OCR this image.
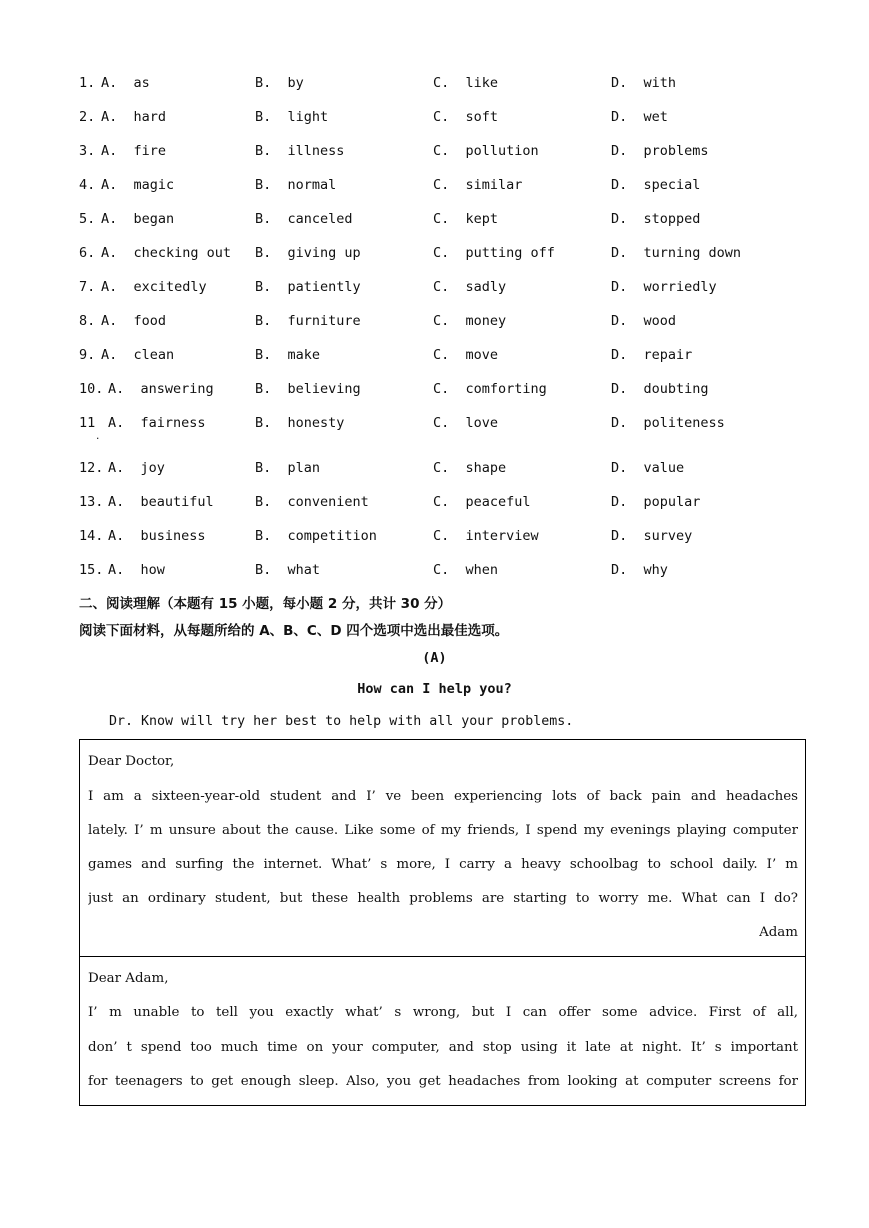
1. A.  as	B.  by	C.  like	D.  with
2. A.  hard	B.  light	C.  soft	D.  wet
3. A.  fire	B.  illness	C.  pollution	D.  problems
4. A.  magic	B.  normal	C.  similar	D.  special
5. A.  began	B.  canceled	C.  kept	D.  stopped
6. A.  checking out B.  giving up	C.  putting off	D.  turning down
7. A.  excitedly	B.  patiently	C.  sadly	D.  worriedly
8. A.  food	B.  furniture	C.  money	D.  wood
9. A.  clean	B.  make	C.  move	D.  repair
10. A.  answering	B.  believing	C.  comforting	D.  doubting
11 A.  fairness	B.  honesty	C.  love	D.  politeness
.
12. A.  joy	B.  plan	C.  shape	D.  value
13. A.  beautiful	B.  convenient	C.  peaceful	D.  popular
14. A.  business	B.  competition	C.  interview	D.  survey
15. A.  how	B.  what	C.  when	D.  why
二、阅读理解（本题有 15 小题，每小题 2 分，共计 30 分）
阅读下面材料，从每题所给的 A、B、C、D 四个选项中选出最佳选项。
(A)
How can I help you?
Dr. Know will try her best to help with all your problems.
Dear Doctor,
I am a sixteen-year-old student and I’ ve been experiencing lots of back pain and headaches
lately. I’ m unsure about the cause. Like some of my friends, I spend my evenings playing computer
games and surfing the internet. What’ s more, I carry a heavy schoolbag to school daily. I’ m
just an ordinary student, but these health problems are starting to worry me. What can I do?
Adam
Dear Adam,
I’ m unable to tell you exactly what’ s wrong, but I can offer some advice. First of all,
don’ t spend too much time on your computer, and stop using it late at night. It’ s important
for teenagers to get enough sleep. Also, you get headaches from looking at computer screens for
